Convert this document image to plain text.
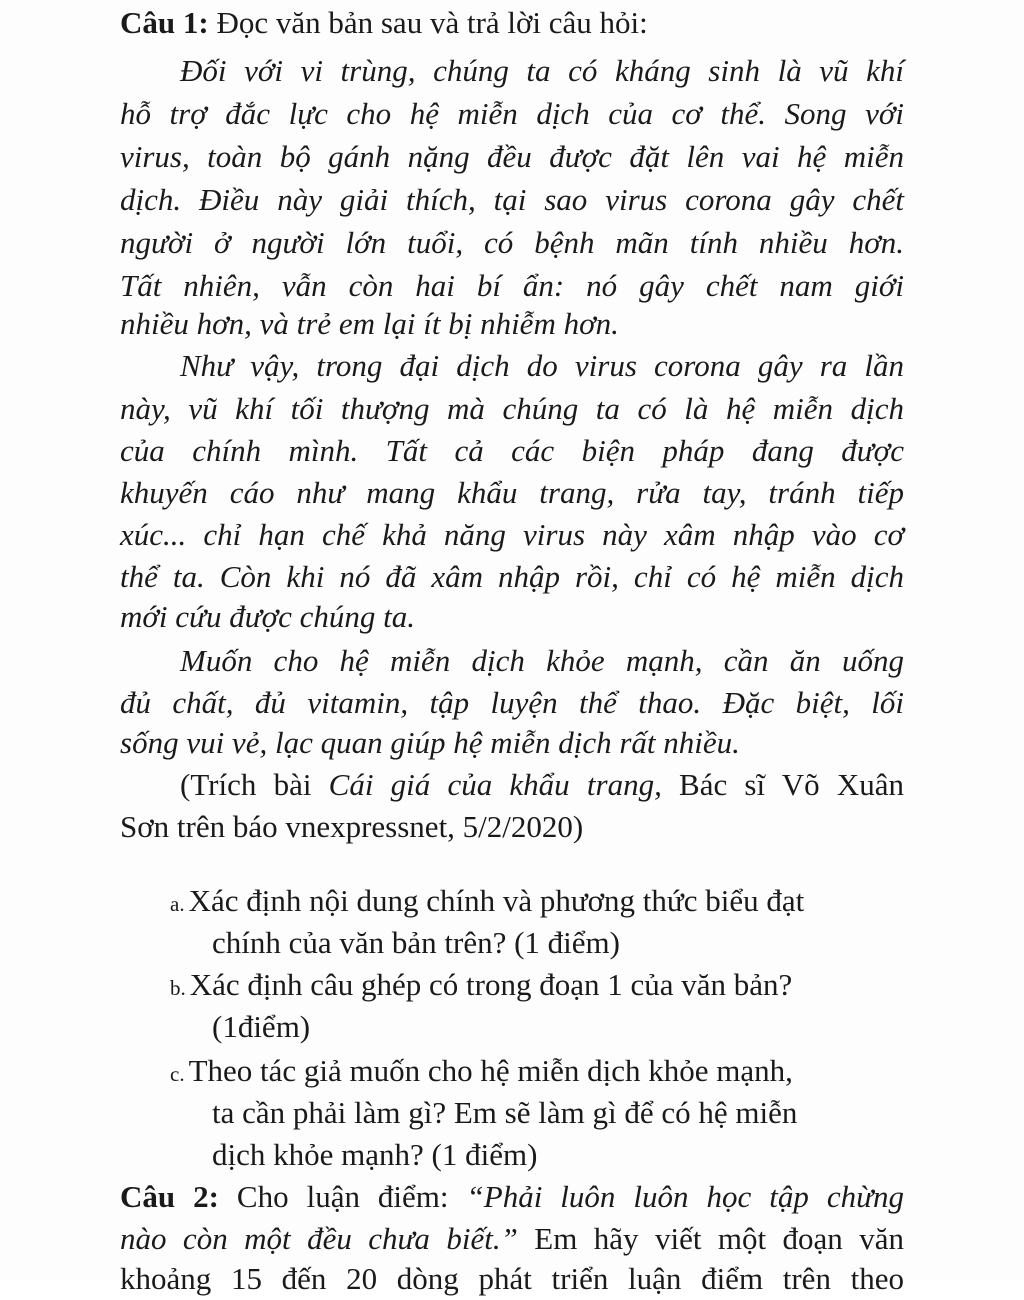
Câu 1: Đọc văn bản sau và trả lời câu hỏi:
Đối với vi trùng, chúng ta có kháng sinh là vũ khí
hỗ trợ đắc lực cho hệ miễn dịch của cơ thể. Song với
virus, toàn bộ gánh nặng đều được đặt lên vai hệ miễn
dịch. Điều này giải thích, tại sao virus corona gây chết
người ở người lớn tuổi, có bệnh mãn tính nhiều hơn.
Tất nhiên, vẫn còn hai bí ẩn: nó gây chết nam giới
nhiều hơn, và trẻ em lại ít bị nhiễm hơn.
Như vậy, trong đại dịch do virus corona gây ra lần
này, vũ khí tối thượng mà chúng ta có là hệ miễn dịch
của chính mình. Tất cả các biện pháp đang được
khuyến cáo như mang khẩu trang, rửa tay, tránh tiếp
xúc... chỉ hạn chế khả năng virus này xâm nhập vào cơ
thể ta. Còn khi nó đã xâm nhập rồi, chỉ có hệ miễn dịch
mới cứu được chúng ta.
Muốn cho hệ miễn dịch khỏe mạnh, cần ăn uống
đủ chất, đủ vitamin, tập luyện thể thao. Đặc biệt, lối
sống vui vẻ, lạc quan giúp hệ miễn dịch rất nhiều.
(Trích bài Cái giá của khẩu trang, Bác sĩ Võ Xuân
Sơn trên báo vnexpressnet, 5/2/2020)
a. Xác định nội dung chính và phương thức biểu đạt
chính của văn bản trên? (1 điểm)
b. Xác định câu ghép có trong đoạn 1 của văn bản?
(1điểm)
c. Theo tác giả muốn cho hệ miễn dịch khỏe mạnh,
ta cần phải làm gì? Em sẽ làm gì để có hệ miễn
dịch khỏe mạnh? (1 điểm)
Câu 2: Cho luận điểm: “Phải luôn luôn học tập chừng
nào còn một đều chưa biết.” Em hãy viết một đoạn văn
khoảng 15 đến 20 dòng phát triển luận điểm trên theo
